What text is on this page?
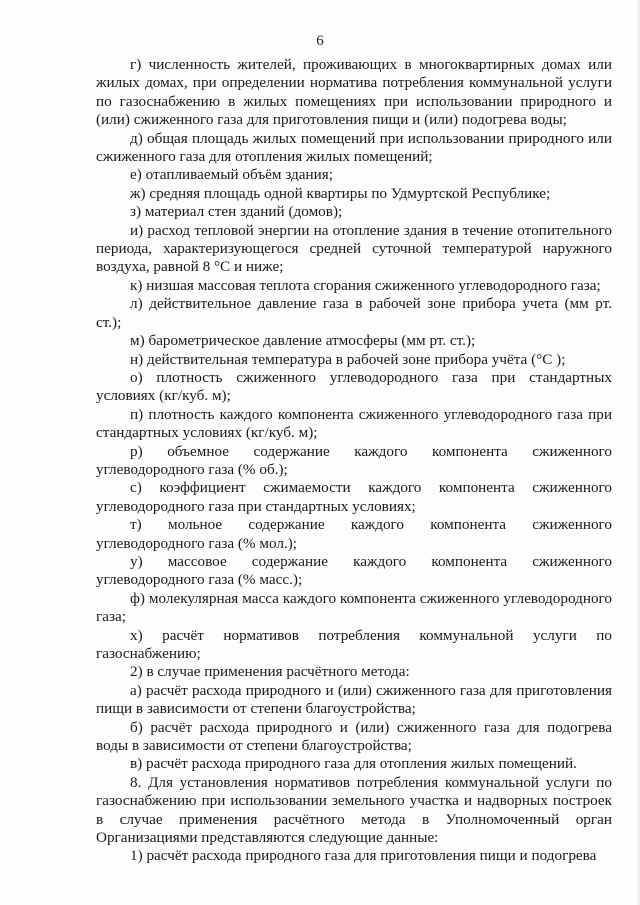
6

г) численность жителей, проживающих в многоквартирных домах или жилых домах, при определении норматива потребления коммунальной услуги по газоснабжению в жилых помещениях при использовании природного и (или) сжиженного газа для приготовления пищи и (или) подогрева воды;

д) общая площадь жилых помещений при использовании природного или сжиженного газа для отопления жилых помещений;

е) отапливаемый объём здания;

ж) средняя площадь одной квартиры по Удмуртской Республике;

з) материал стен зданий (домов);

и) расход тепловой энергии на отопление здания в течение отопительного периода, характеризующегося средней суточной температурой наружного воздуха, равной 8 °С и ниже;

к) низшая массовая теплота сгорания сжиженного углеводородного газа;

л) действительное давление газа в рабочей зоне прибора учета (мм рт. ст.);

м) барометрическое давление атмосферы (мм рт. ст.);

н) действительная температура в рабочей зоне прибора учёта (°С );

о) плотность сжиженного углеводородного газа при стандартных условиях (кг/куб. м);

п) плотность каждого компонента сжиженного углеводородного газа при стандартных условиях (кг/куб. м);

р) объемное содержание каждого компонента сжиженного углеводородного газа (% об.);

с) коэффициент сжимаемости каждого компонента сжиженного углеводородного газа при стандартных условиях;

т) мольное содержание каждого компонента сжиженного углеводородного газа (% мол.);

у) массовое содержание каждого компонента сжиженного углеводородного газа (% масс.);

ф) молекулярная масса каждого компонента сжиженного углеводородного газа;

х) расчёт нормативов потребления коммунальной услуги по газоснабжению;

2) в случае применения расчётного метода:

а) расчёт расхода природного и (или) сжиженного газа для приготовления пищи в зависимости от степени благоустройства;

б) расчёт расхода природного и (или) сжиженного газа для подогрева воды в зависимости от степени благоустройства;

в) расчёт расхода природного газа для отопления жилых помещений.

8. Для установления нормативов потребления коммунальной услуги по газоснабжению при использовании земельного участка и надворных построек в случае применения расчётного метода в Уполномоченный орган Организациями представляются следующие данные:

1) расчёт расхода природного газа для приготовления пищи и подогрева
